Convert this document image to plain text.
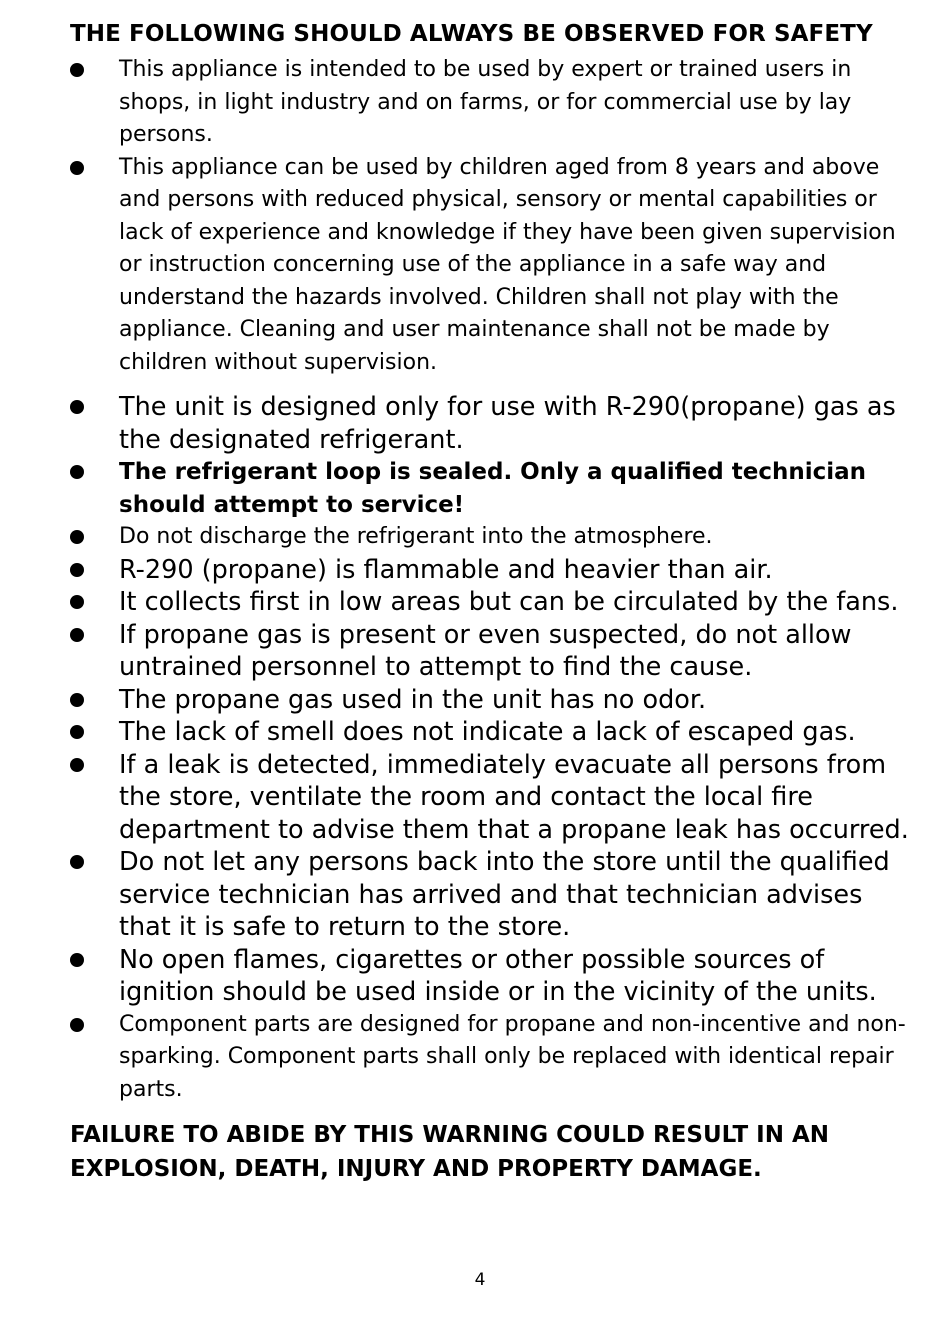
THE FOLLOWING SHOULD ALWAYS BE OBSERVED FOR SAFETY
This appliance is intended to be used by expert or trained users in shops, in light industry and on farms, or for commercial use by lay persons.
This appliance can be used by children aged from 8 years and above and persons with reduced physical, sensory or mental capabilities or lack of experience and knowledge if they have been given supervision or instruction concerning use of the appliance in a safe way and understand the hazards involved. Children shall not play with the appliance. Cleaning and user maintenance shall not be made by children without supervision.
The unit is designed only for use with R-290(propane) gas as the designated refrigerant.
The refrigerant loop is sealed. Only a qualified technician should attempt to service!
Do not discharge the refrigerant into the atmosphere.
R-290 (propane) is flammable and heavier than air.
It collects first in low areas but can be circulated by the fans.
If propane gas is present or even suspected, do not allow untrained personnel to attempt to find the cause.
The propane gas used in the unit has no odor.
The lack of smell does not indicate a lack of escaped gas.
If a leak is detected, immediately evacuate all persons from the store, ventilate the room and contact the local fire department to advise them that a propane leak has occurred.
Do not let any persons back into the store until the qualified service technician has arrived and that technician advises that it is safe to return to the store.
No open flames, cigarettes or other possible sources of ignition should be used inside or in the vicinity of the units.
Component parts are designed for propane and non-incentive and non-sparking. Component parts shall only be replaced with identical repair parts.
FAILURE TO ABIDE BY THIS WARNING COULD RESULT IN AN EXPLOSION, DEATH, INJURY AND PROPERTY DAMAGE.
4
